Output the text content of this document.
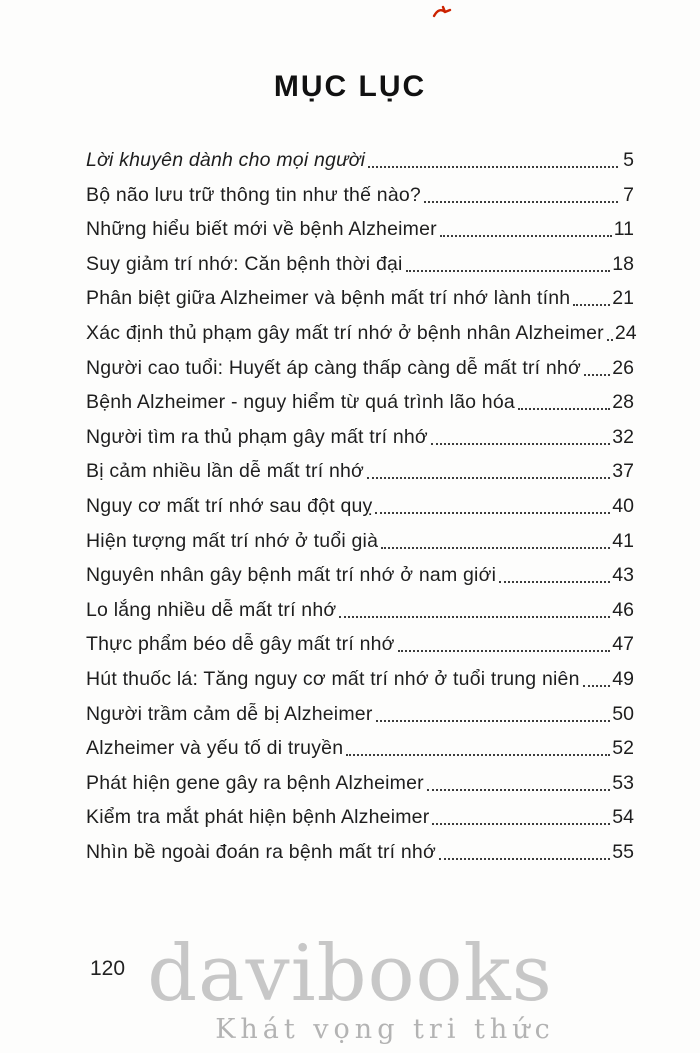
MỤC LỤC
Lời khuyên dành cho mọi người	5
Bộ não lưu trữ thông tin như thế nào?	7
Những hiểu biết mới về bệnh Alzheimer	11
Suy giảm trí nhớ: Căn bệnh thời đại	18
Phân biệt giữa Alzheimer và bệnh mất trí nhớ lành tính 21
Xác định thủ phạm gây mất trí nhớ ở bệnh nhân Alzheimer 24
Người cao tuổi: Huyết áp càng thấp càng dễ mất trí nhớ 26
Bệnh Alzheimer - nguy hiểm từ quá trình lão hóa	28
Người tìm ra thủ phạm gây mất trí nhớ	32
Bị cảm nhiều lần dễ mất trí nhớ	37
Nguy cơ mất trí nhớ sau đột quỵ	40
Hiện tượng mất trí nhớ ở tuổi già	41
Nguyên nhân gây bệnh mất trí nhớ ở nam giới	43
Lo lắng nhiều dễ mất trí nhớ	46
Thực phẩm béo dễ gây mất trí nhớ	47
Hút thuốc lá: Tăng nguy cơ mất trí nhớ ở tuổi trung niên 49
Người trầm cảm dễ bị Alzheimer	50
Alzheimer và yếu tố di truyền	52
Phát hiện gene gây ra bệnh Alzheimer	53
Kiểm tra mắt phát hiện bệnh Alzheimer	54
Nhìn bề ngoài đoán ra bệnh mất trí nhớ	55
120 davibooks
Khát vọng tri thức
